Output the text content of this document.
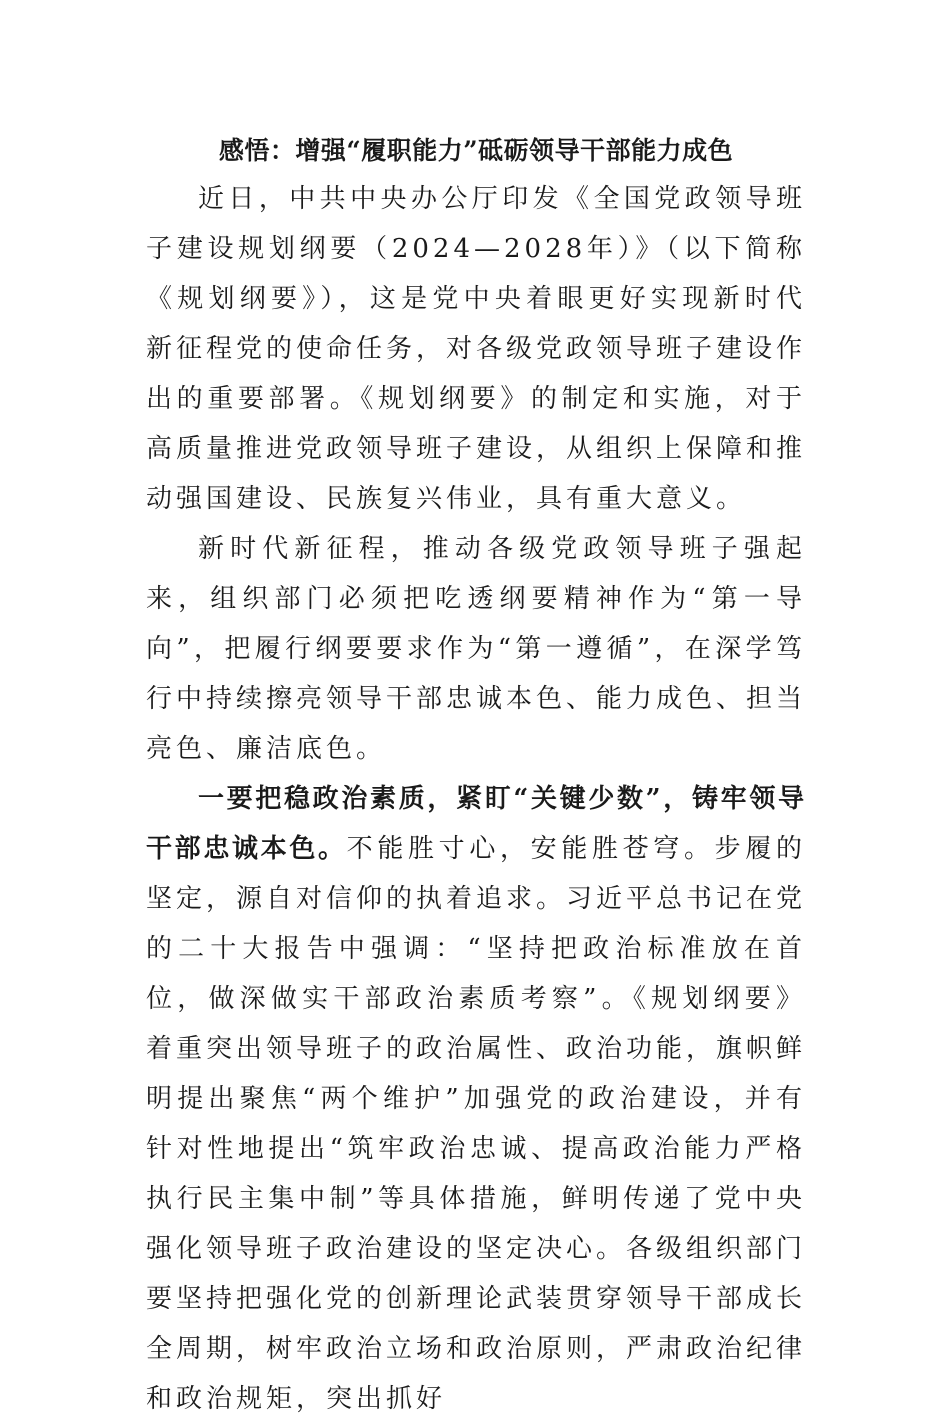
感悟：增强“履职能力”砥砺领导干部能力成色

近日，中共中央办公厅印发《全国党政领导班子建设规划纲要（2024—2028年）》（以下简称《规划纲要》），这是党中央着眼更好实现新时代新征程党的使命任务，对各级党政领导班子建设作出的重要部署。《规划纲要》的制定和实施，对于高质量推进党政领导班子建设，从组织上保障和推动强国建设、民族复兴伟业，具有重大意义。

新时代新征程，推动各级党政领导班子强起来，组织部门必须把吃透纲要精神作为“第一导向”，把履行纲要要求作为“第一遵循”，在深学笃行中持续擦亮领导干部忠诚本色、能力成色、担当亮色、廉洁底色。

一要把稳政治素质，紧盯“关键少数”，铸牢领导干部忠诚本色。不能胜寸心，安能胜苍穹。步履的坚定，源自对信仰的执着追求。习近平总书记在党的二十大报告中强调：“坚持把政治标准放在首位，做深做实干部政治素质考察”。《规划纲要》着重突出领导班子的政治属性、政治功能，旗帜鲜明提出聚焦“两个维护”加强党的政治建设，并有针对性地提出“筑牢政治忠诚、提高政治能力严格执行民主集中制”等具体措施，鲜明传递了党中央强化领导班子政治建设的坚定决心。各级组织部门要坚持把强化党的创新理论武装贯穿领导干部成长全周期，树牢政治立场和政治原则，严肃政治纪律和政治规矩，突出抓好
